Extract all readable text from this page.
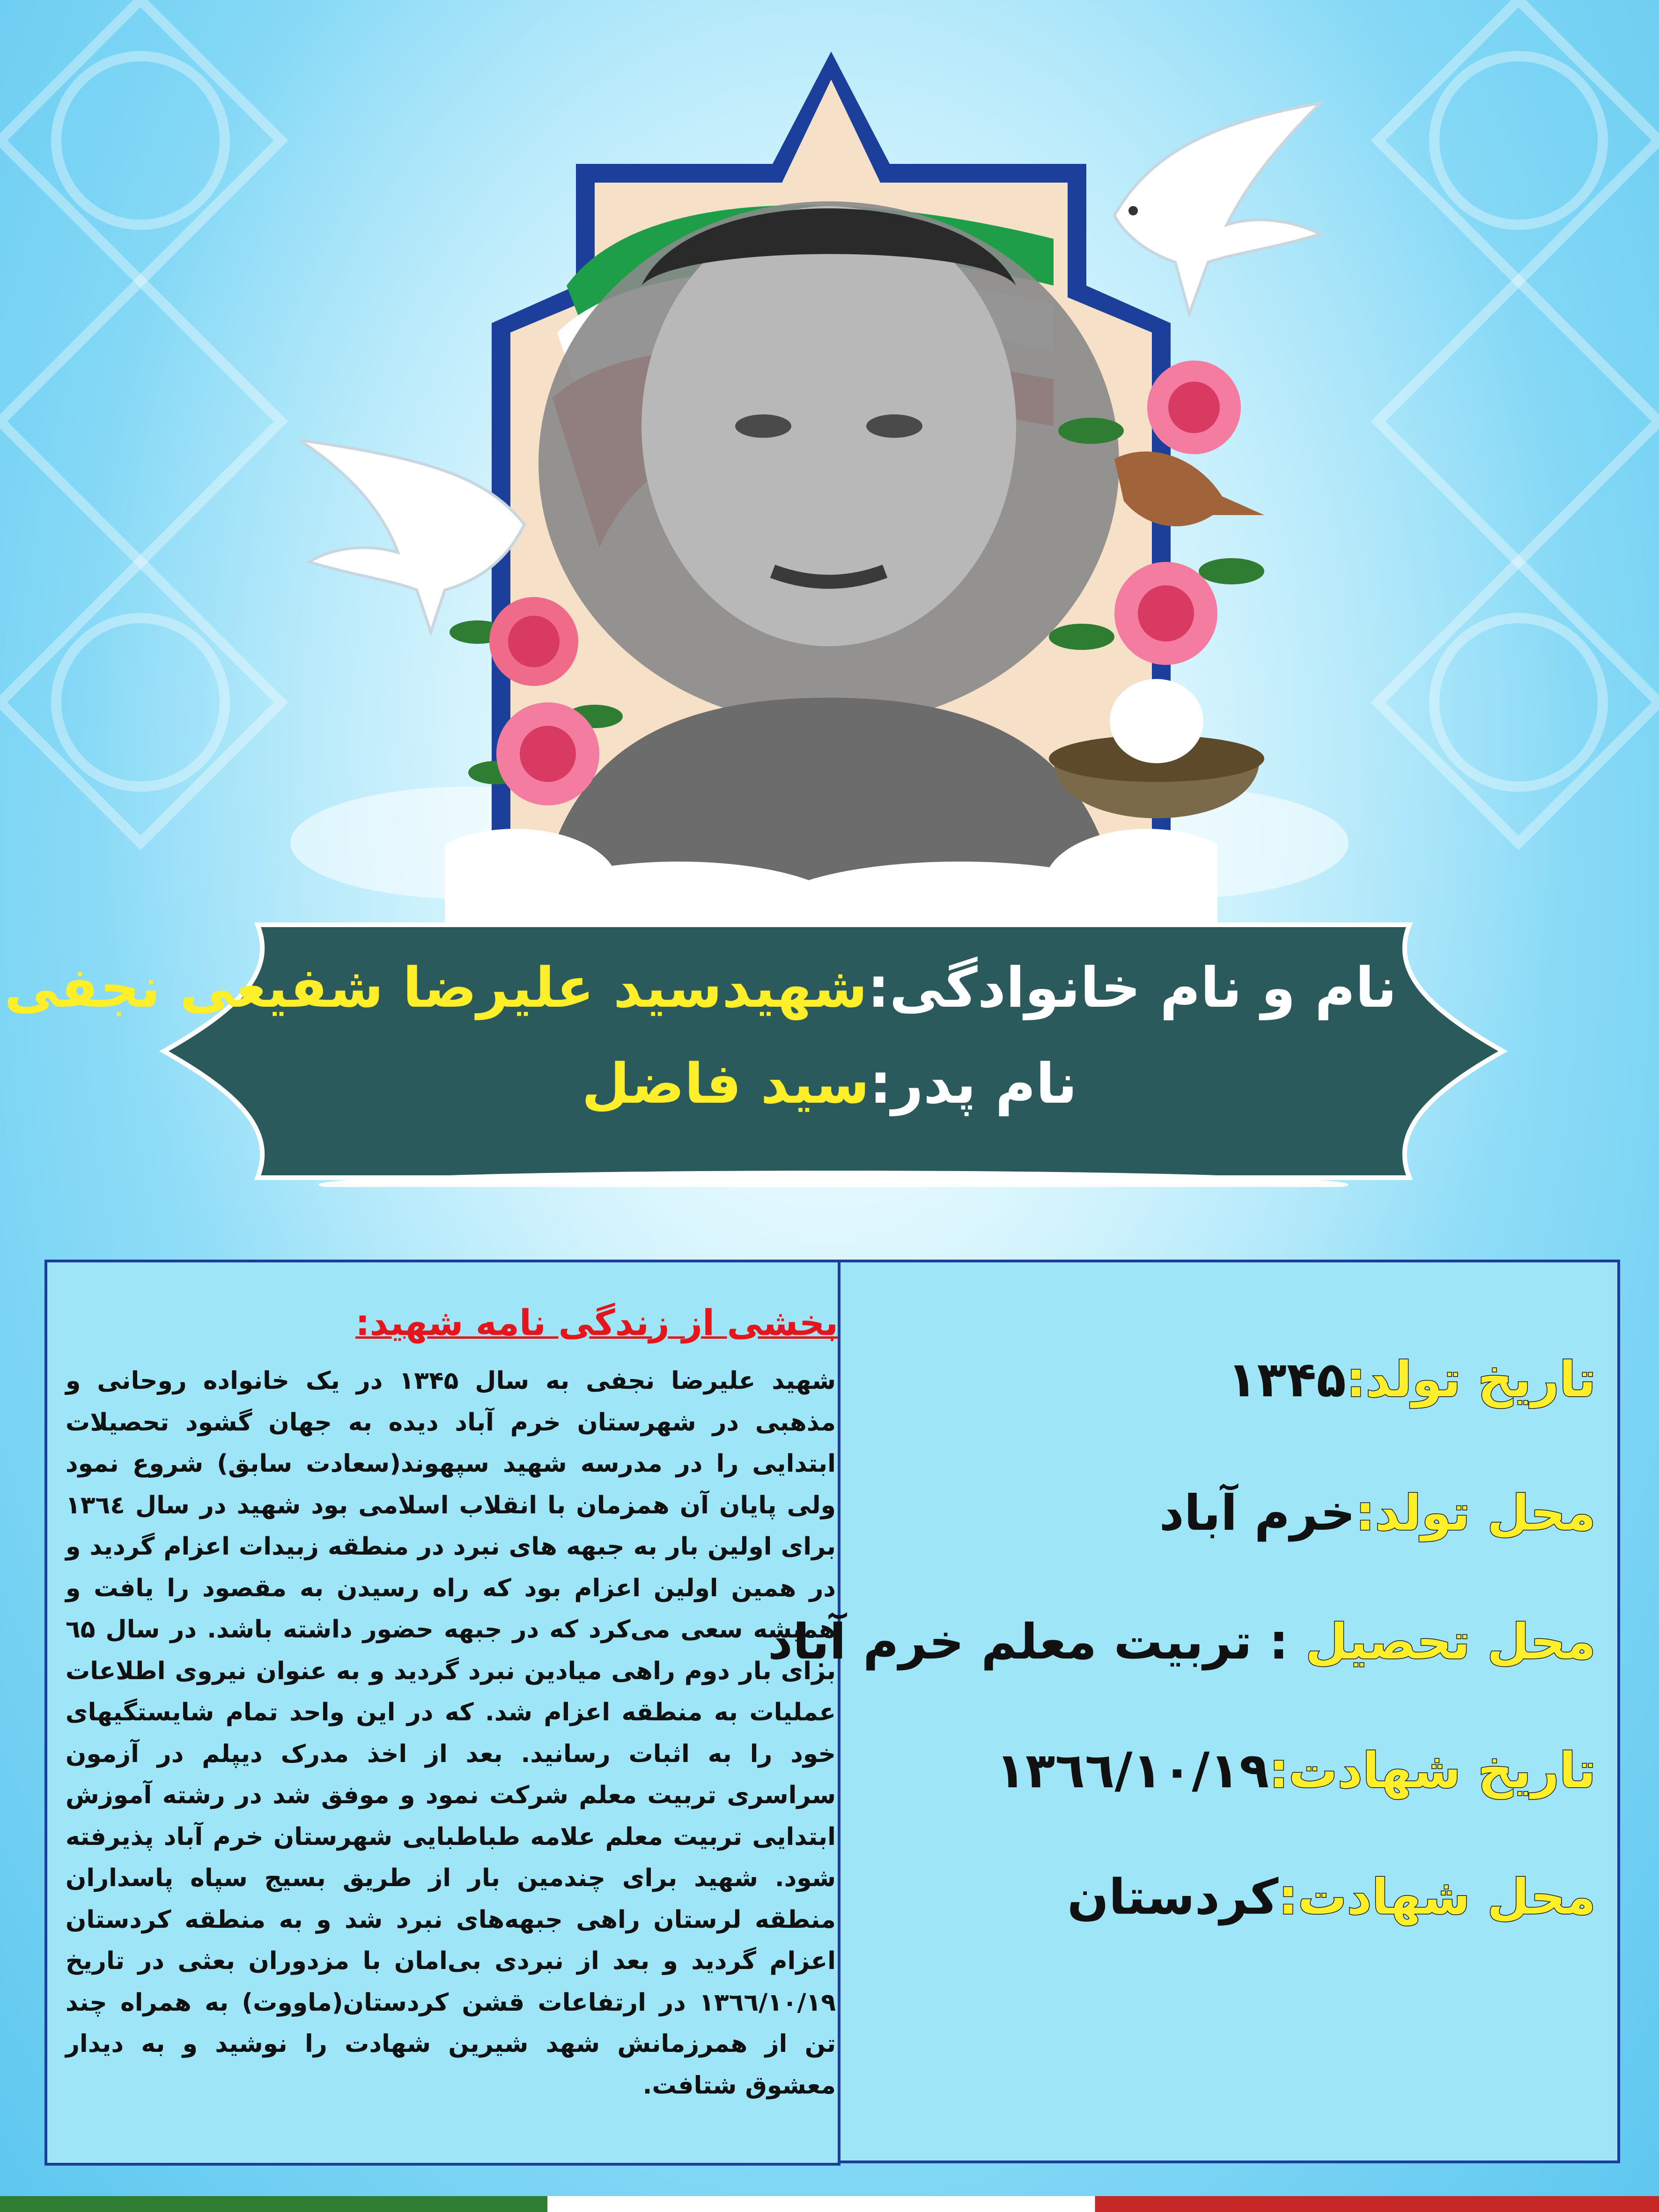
نام و نام خانوادگی:شهیدسید علیرضا شفیعی نجفی
نام پدر:سید فاضل
بخشی از زندگی نامه شهید:
شهید علیرضا نجفی به سال ۱۳۴۵ در یک خانواده روحانی و مذهبی در شهرستان خرم آباد دیده به جهان گشود تحصیلات ابتدایی را در مدرسه شهید سپهوند(سعادت سابق) شروع نمود ولی پایان آن همزمان با انقلاب اسلامی بود شهید در سال ۱۳٦٤ برای اولین بار به جبهه های نبرد در منطقه زبیدات اعزام گردید و در همین اولین اعزام بود که راه رسیدن به مقصود را یافت و همیشه سعی می‌کرد که در جبهه حضور داشته باشد. در سال ٦۵ برای بار دوم راهی میادین نبرد گردید و به عنوان نیروی اطلاعات عملیات به منطقه اعزام شد. که در این واحد تمام شایستگیهای خود را به اثبات رسانید. بعد از اخذ مدرک دیپلم در آزمون سراسری تربیت معلم شرکت نمود و موفق شد در رشته آموزش ابتدایی تربیت معلم علامه طباطبایی شهرستان خرم آباد پذیرفته شود. شهید برای چندمین بار از طریق بسیج سپاه پاسداران منطقه لرستان راهی جبهه‌های نبرد شد و به منطقه کردستان اعزام گردید و بعد از نبردی بی‌امان با مزدوران بعثی در تاریخ ۱۳٦٦/۱۰/۱۹ در ارتفاعات قشن کردستان(ماووت) به همراه چند تن از همرزمانش شهد شیرین شهادت را نوشید و به دیدار معشوق شتافت.
تاریخ تولد:۱۳۴۵
محل تولد:خرم آباد
محل تحصیل : تربیت معلم خرم آباد
تاریخ شهادت:۱۳٦٦/۱۰/۱۹
محل شهادت:کردستان
